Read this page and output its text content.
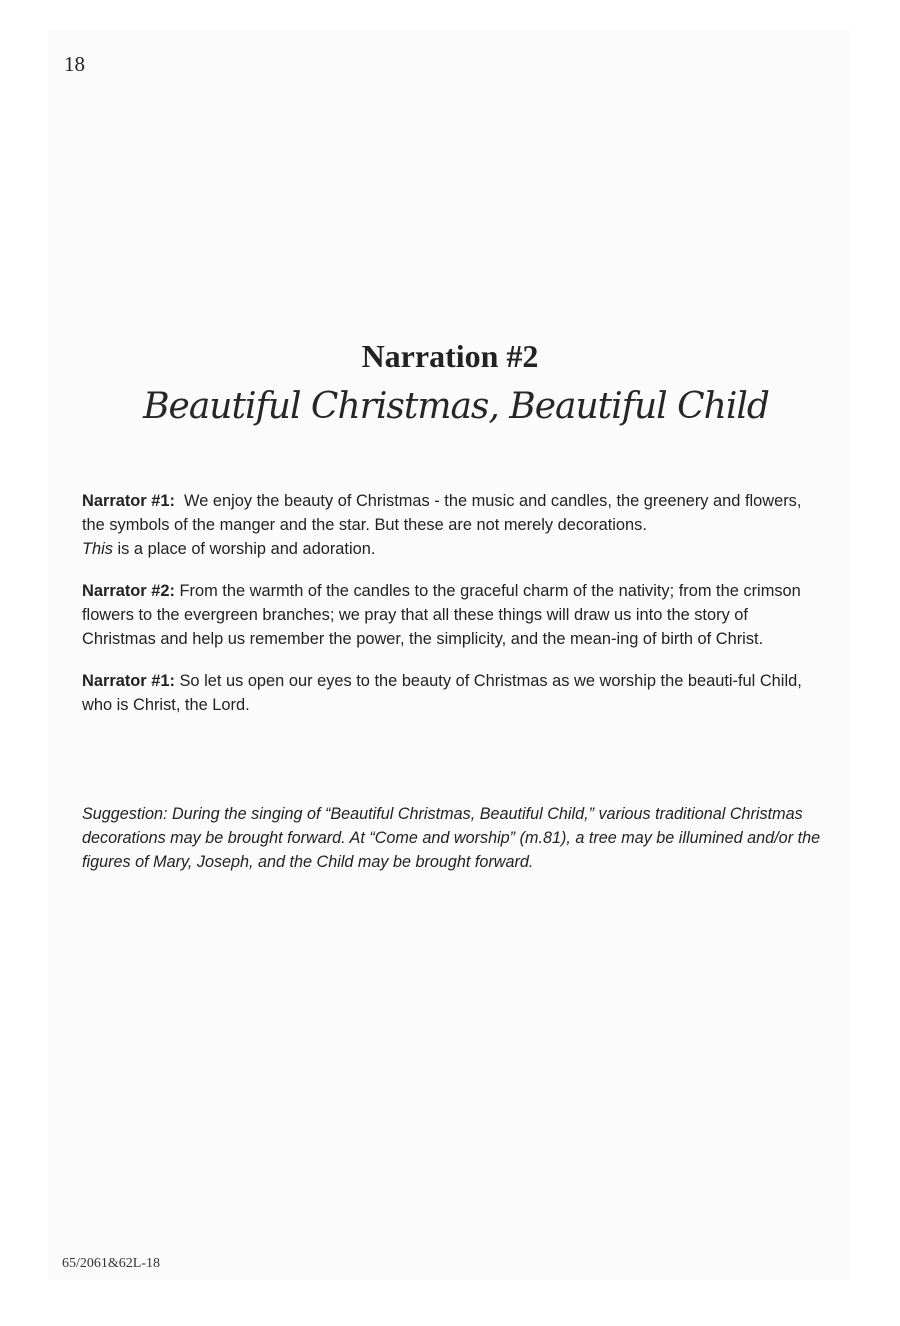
18
Narration #2
Beautiful Christmas, Beautiful Child

Narrator #1: We enjoy the beauty of Christmas - the music and candles, the greenery and flowers, the symbols of the manger and the star. But these are not merely decorations.
This is a place of worship and adoration.

Narrator #2: From the warmth of the candles to the graceful charm of the nativity; from the crimson flowers to the evergreen branches; we pray that all these things will draw us into the story of Christmas and help us remember the power, the simplicity, and the mean-ing of birth of Christ.

Narrator #1: So let us open our eyes to the beauty of Christmas as we worship the beauti-ful Child, who is Christ, the Lord.

Suggestion: During the singing of “Beautiful Christmas, Beautiful Child,” various traditional Christmas decorations may be brought forward. At “Come and worship” (m.81), a tree may be illumined and/or the figures of Mary, Joseph, and the Child may be brought forward.
65/2061&62L-18
